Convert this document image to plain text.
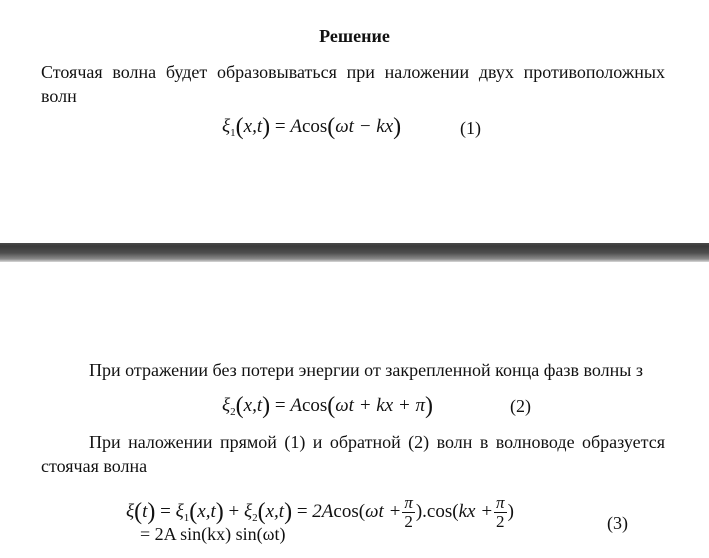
Решение
Стоячая волна будет образовываться при наложении двух противоположных
волн
$\xi_1(x,t) = Acos(\omega t - kx)$	(1)
При отражении без потери энергии от закрепленной конца фазв волны з
$\xi_2(x,t) = Acos(\omega t$ + kx + π)	(2)
При наложении прямой (1) и обратной (2) волн в волноводе образуется
стоячая волна
$\xi(t) = \xi_1(x,t) + \xi_2(x,t) = 2Acos(\omega t + \frac{\pi}{2} ).\cos(kx + \frac{\pi}{2}$ )
(3)
= 2A sin(kx) sin(ωt)
